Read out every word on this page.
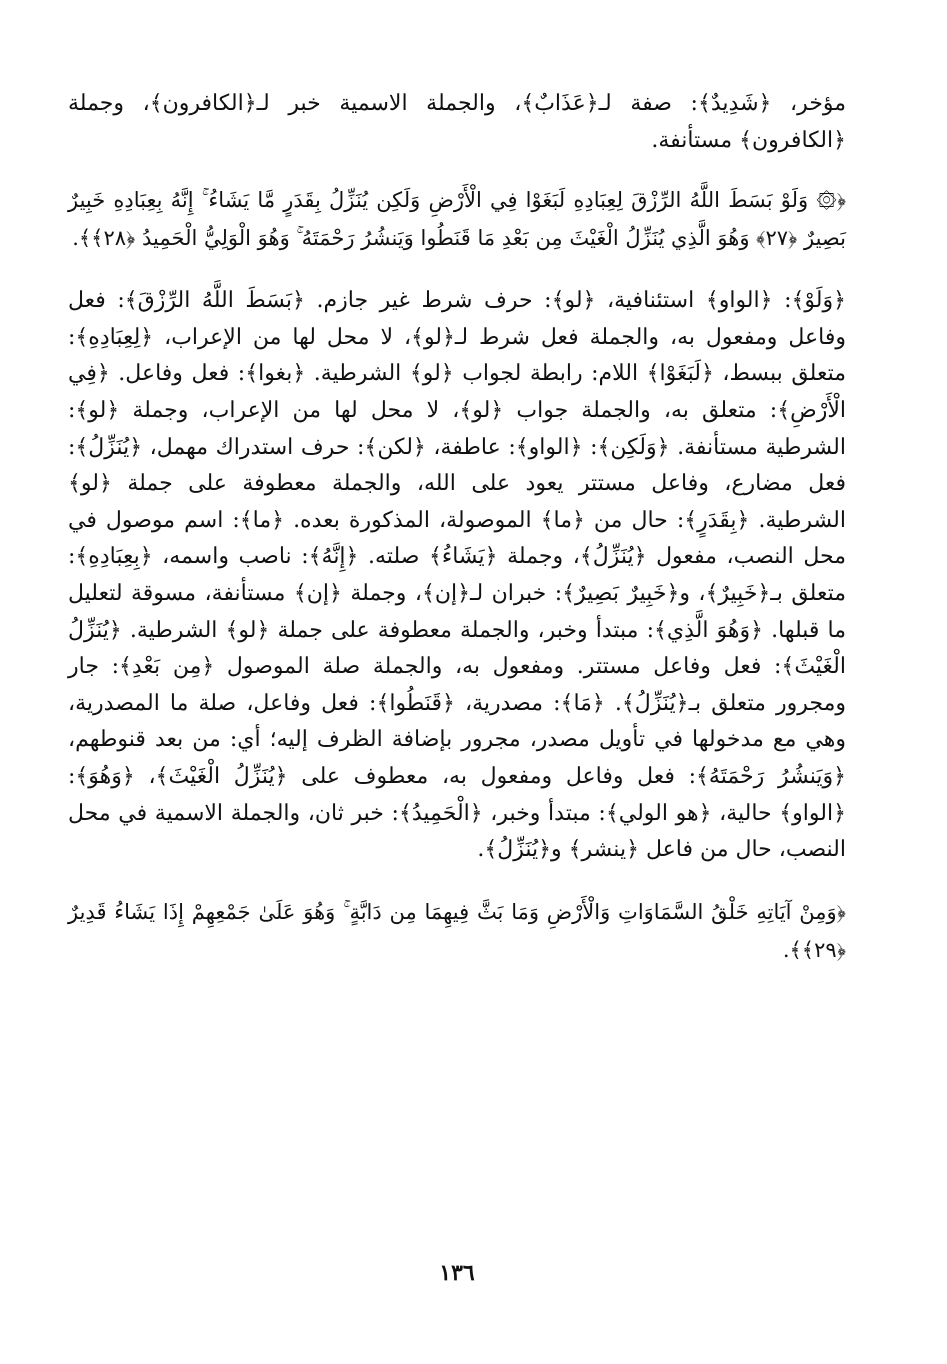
مؤخر، ﴿شَدِيدٌ﴾: صفة لـ﴿عَذَابٌ﴾، والجملة الاسمية خبر لـ﴿الكافرون﴾، وجملة ﴿الكافرون﴾ مستأنفة.

﴿۞ وَلَوْ بَسَطَ اللَّهُ الرِّزْقَ لِعِبَادِهِ لَبَغَوْا فِي الْأَرْضِ وَلَكِن يُنَزِّلُ بِقَدَرٍ مَّا يَشَاءُ ۚ إِنَّهُ بِعِبَادِهِ خَبِيرٌ بَصِيرٌ ﴿٢٧﴾ وَهُوَ الَّذِي يُنَزِّلُ الْغَيْثَ مِن بَعْدِ مَا قَنَطُوا وَيَنشُرُ رَحْمَتَهُ ۚ وَهُوَ الْوَلِيُّ الْحَمِيدُ ﴿٢٨﴾﴾.

﴿وَلَوْ﴾: ﴿الواو﴾ استئنافية، ﴿لو﴾: حرف شرط غير جازم. ﴿بَسَطَ اللَّهُ الرِّزْقَ﴾: فعل وفاعل ومفعول به، والجملة فعل شرط لـ﴿لو﴾، لا محل لها من الإعراب، ﴿لِعِبَادِهِ﴾: متعلق ببسط، ﴿لَبَغَوْا﴾ اللام: رابطة لجواب ﴿لو﴾ الشرطية. ﴿بغوا﴾: فعل وفاعل. ﴿فِي الْأَرْضِ﴾: متعلق به، والجملة جواب ﴿لو﴾، لا محل لها من الإعراب، وجملة ﴿لو﴾: الشرطية مستأنفة. ﴿وَلَكِن﴾: ﴿الواو﴾: عاطفة، ﴿لكن﴾: حرف استدراك مهمل، ﴿يُنَزِّلُ﴾: فعل مضارع، وفاعل مستتر يعود على الله، والجملة معطوفة على جملة ﴿لو﴾ الشرطية. ﴿بِقَدَرٍ﴾: حال من ﴿ما﴾ الموصولة، المذكورة بعده. ﴿ما﴾: اسم موصول في محل النصب، مفعول ﴿يُنَزِّلُ﴾، وجملة ﴿يَشَاءُ﴾ صلته. ﴿إِنَّهُ﴾: ناصب واسمه، ﴿بِعِبَادِهِ﴾: متعلق بـ﴿خَبِيرٌ﴾، و﴿خَبِيرٌ بَصِيرٌ﴾: خبران لـ﴿إن﴾، وجملة ﴿إن﴾ مستأنفة، مسوقة لتعليل ما قبلها. ﴿وَهُوَ الَّذِي﴾: مبتدأ وخبر، والجملة معطوفة على جملة ﴿لو﴾ الشرطية. ﴿يُنَزِّلُ الْغَيْثَ﴾: فعل وفاعل مستتر. ومفعول به، والجملة صلة الموصول ﴿مِن بَعْدِ﴾: جار ومجرور متعلق بـ﴿يُنَزِّلُ﴾. ﴿مَا﴾: مصدرية، ﴿قَنَطُوا﴾: فعل وفاعل، صلة ما المصدرية، وهي مع مدخولها في تأويل مصدر، مجرور بإضافة الظرف إليه؛ أي: من بعد قنوطهم، ﴿وَيَنشُرُ رَحْمَتَهُ﴾: فعل وفاعل ومفعول به، معطوف على ﴿يُنَزِّلُ الْغَيْثَ﴾، ﴿وَهُوَ﴾: ﴿الواو﴾ حالية، ﴿هو الولي﴾: مبتدأ وخبر، ﴿الْحَمِيدُ﴾: خبر ثان، والجملة الاسمية في محل النصب، حال من فاعل ﴿ينشر﴾ و﴿يُنَزِّلُ﴾.

﴿وَمِنْ آيَاتِهِ خَلْقُ السَّمَاوَاتِ وَالْأَرْضِ وَمَا بَثَّ فِيهِمَا مِن دَابَّةٍ ۚ وَهُوَ عَلَىٰ جَمْعِهِمْ إِذَا يَشَاءُ قَدِيرٌ ﴿٢٩﴾﴾.

١٣٦
